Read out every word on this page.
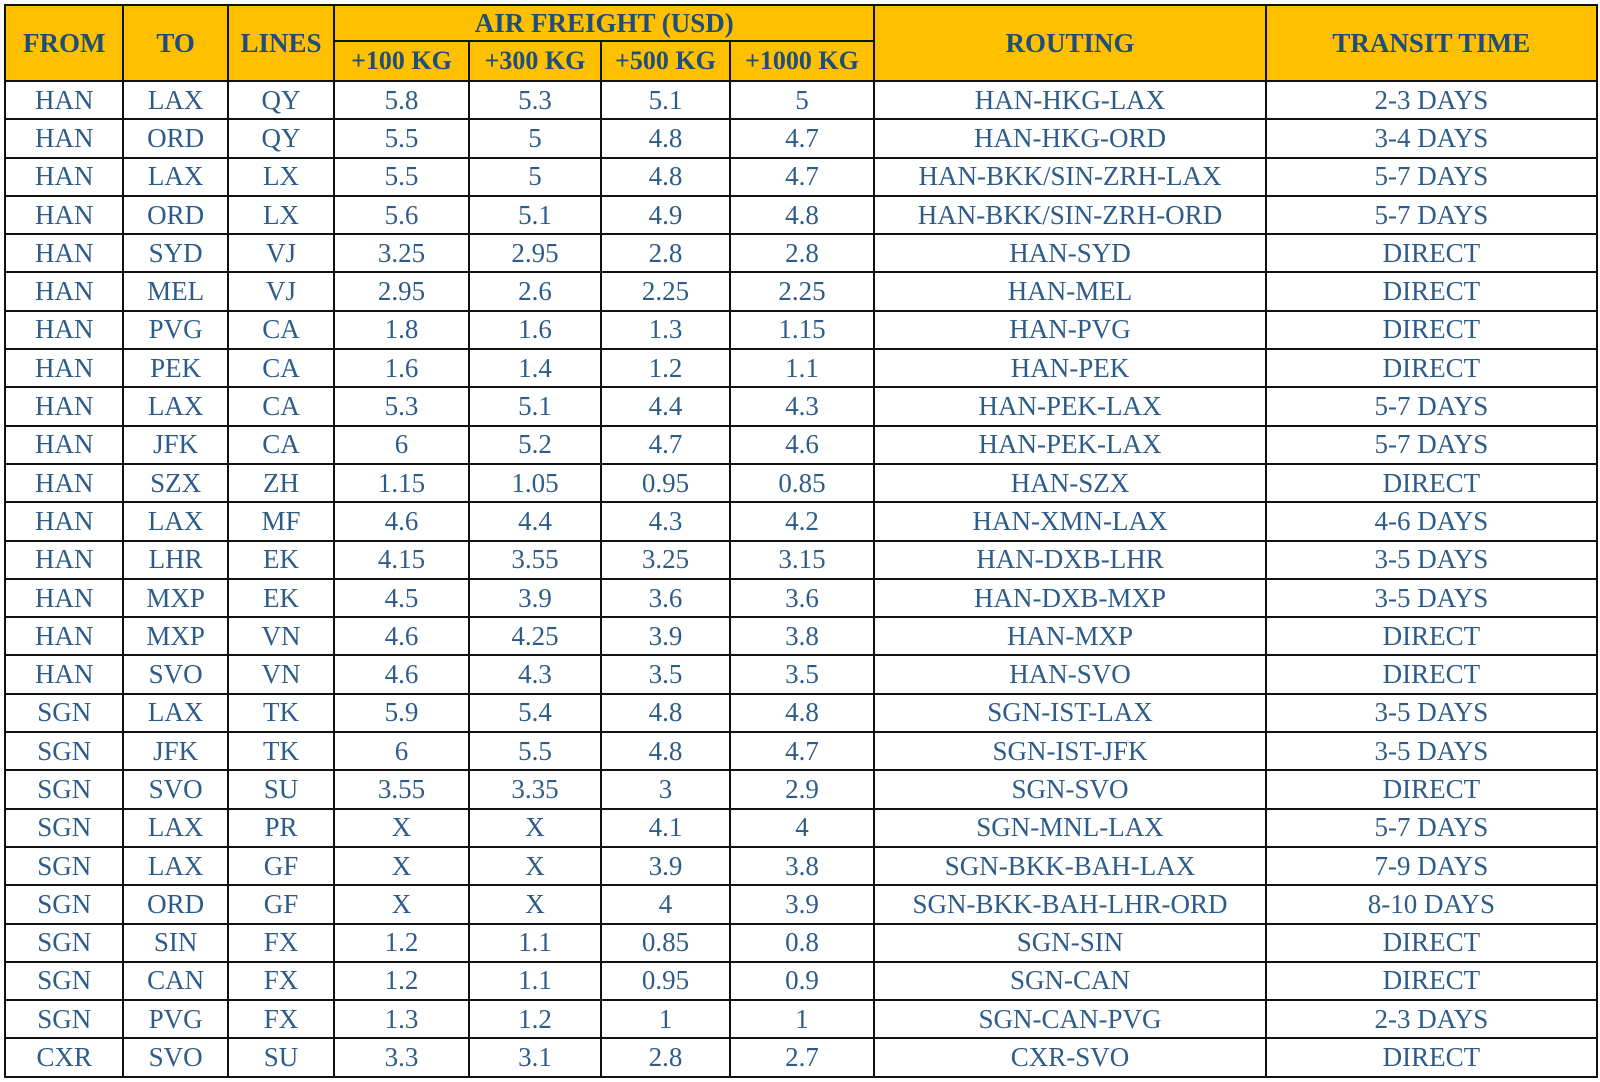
FROM	TO	LINES	AIR FREIGHT (USD)				ROUTING	TRANSIT TIME
			+100 KG	+300 KG	+500 KG	+1000 KG		
HAN	LAX	QY	5.8	5.3	5.1	5	HAN-HKG-LAX	2-3 DAYS
HAN	ORD	QY	5.5	5	4.8	4.7	HAN-HKG-ORD	3-4 DAYS
HAN	LAX	LX	5.5	5	4.8	4.7	HAN-BKK/SIN-ZRH-LAX	5-7 DAYS
HAN	ORD	LX	5.6	5.1	4.9	4.8	HAN-BKK/SIN-ZRH-ORD	5-7 DAYS
HAN	SYD	VJ	3.25	2.95	2.8	2.8	HAN-SYD	DIRECT
HAN	MEL	VJ	2.95	2.6	2.25	2.25	HAN-MEL	DIRECT
HAN	PVG	CA	1.8	1.6	1.3	1.15	HAN-PVG	DIRECT
HAN	PEK	CA	1.6	1.4	1.2	1.1	HAN-PEK	DIRECT
HAN	LAX	CA	5.3	5.1	4.4	4.3	HAN-PEK-LAX	5-7 DAYS
HAN	JFK	CA	6	5.2	4.7	4.6	HAN-PEK-LAX	5-7 DAYS
HAN	SZX	ZH	1.15	1.05	0.95	0.85	HAN-SZX	DIRECT
HAN	LAX	MF	4.6	4.4	4.3	4.2	HAN-XMN-LAX	4-6 DAYS
HAN	LHR	EK	4.15	3.55	3.25	3.15	HAN-DXB-LHR	3-5 DAYS
HAN	MXP	EK	4.5	3.9	3.6	3.6	HAN-DXB-MXP	3-5 DAYS
HAN	MXP	VN	4.6	4.25	3.9	3.8	HAN-MXP	DIRECT
HAN	SVO	VN	4.6	4.3	3.5	3.5	HAN-SVO	DIRECT
SGN	LAX	TK	5.9	5.4	4.8	4.8	SGN-IST-LAX	3-5 DAYS
SGN	JFK	TK	6	5.5	4.8	4.7	SGN-IST-JFK	3-5 DAYS
SGN	SVO	SU	3.55	3.35	3	2.9	SGN-SVO	DIRECT
SGN	LAX	PR	X	X	4.1	4	SGN-MNL-LAX	5-7 DAYS
SGN	LAX	GF	X	X	3.9	3.8	SGN-BKK-BAH-LAX	7-9 DAYS
SGN	ORD	GF	X	X	4	3.9	SGN-BKK-BAH-LHR-ORD	8-10 DAYS
SGN	SIN	FX	1.2	1.1	0.85	0.8	SGN-SIN	DIRECT
SGN	CAN	FX	1.2	1.1	0.95	0.9	SGN-CAN	DIRECT
SGN	PVG	FX	1.3	1.2	1	1	SGN-CAN-PVG	2-3 DAYS
CXR	SVO	SU	3.3	3.1	2.8	2.7	CXR-SVO	DIRECT
